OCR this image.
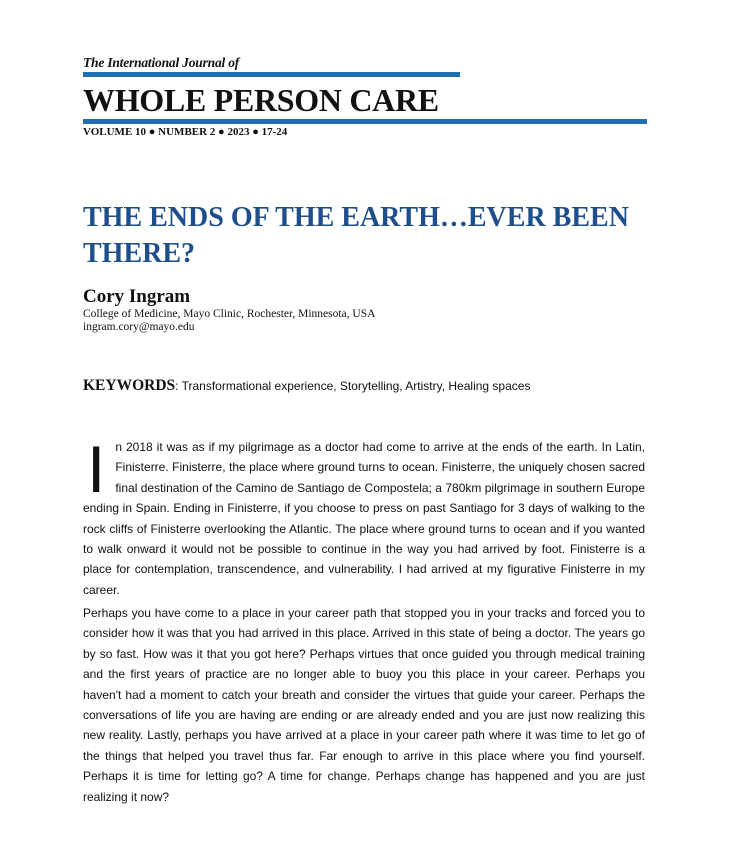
The International Journal of
WHOLE PERSON CARE
VOLUME 10 ● NUMBER 2 ● 2023 ● 17-24
THE ENDS OF THE EARTH…EVER BEEN THERE?
Cory Ingram
College of Medicine, Mayo Clinic, Rochester, Minnesota, USA
ingram.cory@mayo.edu
KEYWORDS: Transformational experience, Storytelling, Artistry, Healing spaces

In 2018 it was as if my pilgrimage as a doctor had come to arrive at the ends of the earth. In Latin, Finisterre. Finisterre, the place where ground turns to ocean. Finisterre, the uniquely chosen sacred final destination of the Camino de Santiago de Compostela; a 780km pilgrimage in southern Europe ending in Spain. Ending in Finisterre, if you choose to press on past Santiago for 3 days of walking to the rock cliffs of Finisterre overlooking the Atlantic. The place where ground turns to ocean and if you wanted to walk onward it would not be possible to continue in the way you had arrived by foot. Finisterre is a place for contemplation, transcendence, and vulnerability. I had arrived at my figurative Finisterre in my career.

Perhaps you have come to a place in your career path that stopped you in your tracks and forced you to consider how it was that you had arrived in this place. Arrived in this state of being a doctor. The years go by so fast. How was it that you got here? Perhaps virtues that once guided you through medical training and the first years of practice are no longer able to buoy you this place in your career. Perhaps you haven't had a moment to catch your breath and consider the virtues that guide your career. Perhaps the conversations of life you are having are ending or are already ended and you are just now realizing this new reality. Lastly, perhaps you have arrived at a place in your career path where it was time to let go of the things that helped you travel thus far. Far enough to arrive in this place where you find yourself. Perhaps it is time for letting go? A time for change. Perhaps change has happened and you are just realizing it now?
